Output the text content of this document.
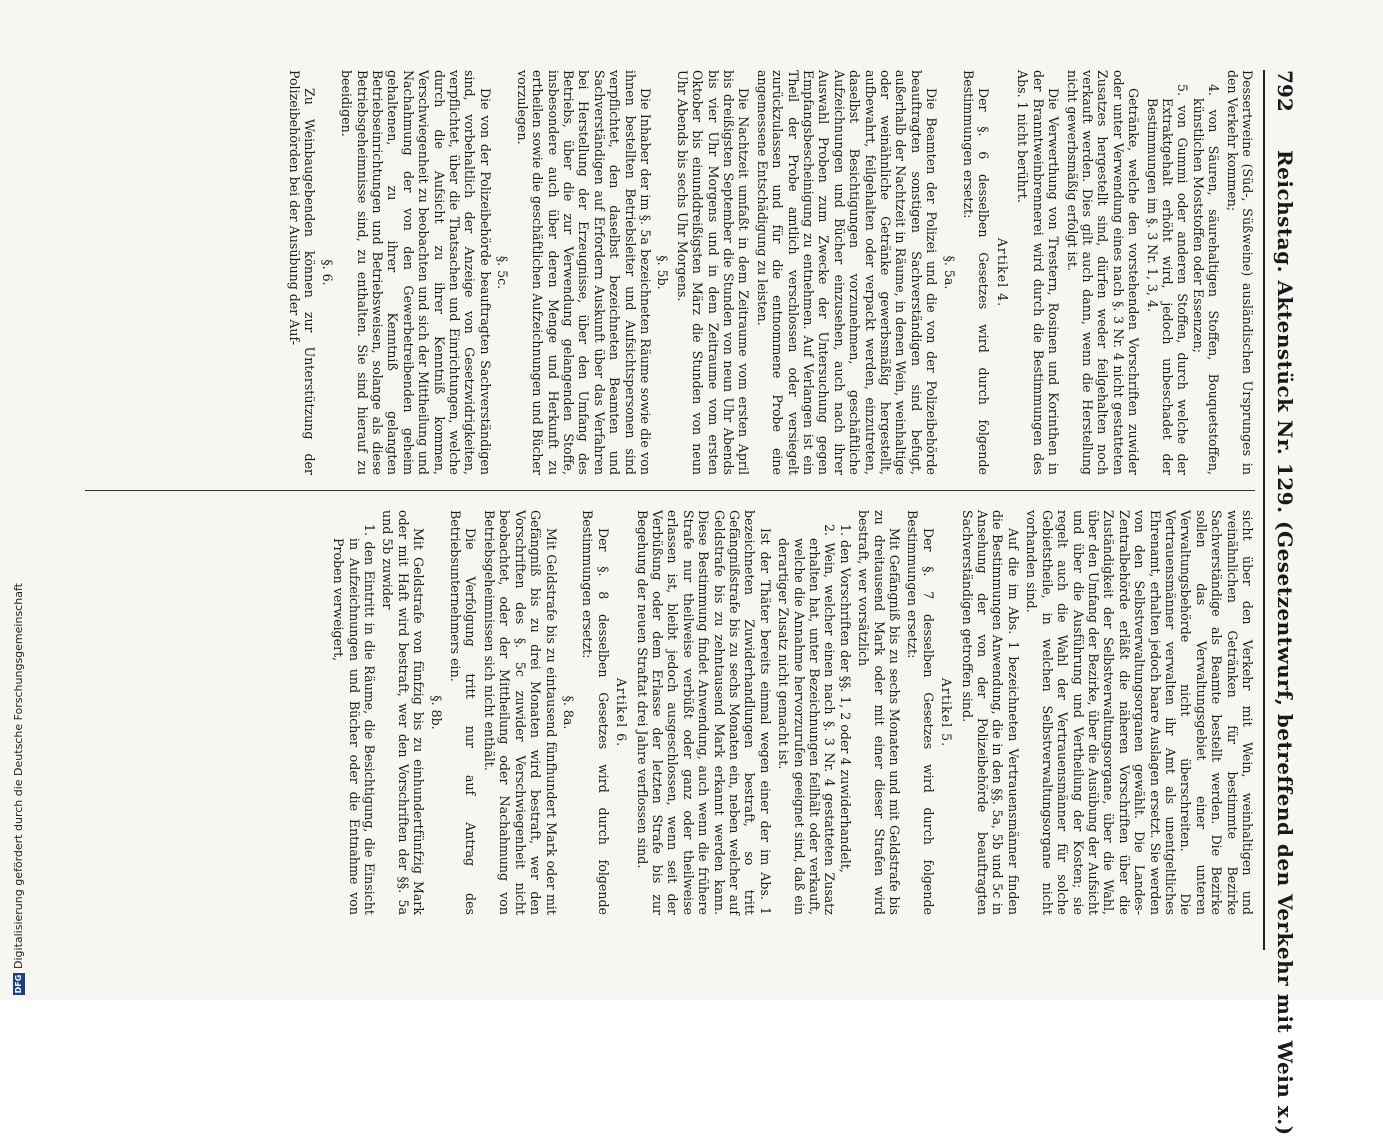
792
Reichstag. Aktenstück Nr. 129. (Gesetzentwurf, betreffend den Verkehr mit Wein x.)

Dessertweine (Süd-, Süßweine) ausländischen Ursprunges in den Verkehr kommen;

4. von Säuren, säurehaltigen Stoffen, Bouquetstoffen, künstlichen Moststoffen oder Essenzen;
5. von Gummi oder anderen Stoffen, durch welche der Extraktgehalt erhöht wird, jedoch unbeschadet der Bestimmungen im §. 3 Nr. 1, 3, 4.

Getränke, welche den vorstehenden Vorschriften zuwider oder unter Verwendung eines nach §. 3 Nr. 4 nicht gestatteten Zusatzes hergestellt sind, dürfen weder feilgehalten noch verkauft werden. Dies gilt auch dann, wenn die Herstellung nicht gewerbsmäßig erfolgt ist.

Die Verwerthung von Trestern, Rosinen und Korinthen in der Branntweinbrennerei wird durch die Bestimmungen des Abs. 1 nicht berührt.

Artikel 4.

Der §. 6 desselben Gesetzes wird durch folgende Bestimmungen ersetzt:

§. 5a.

Die Beamten der Polizei und die von der Polizeibehörde beauftragten sonstigen Sachverständigen sind befugt, außerhalb der Nachtzeit in Räume, in denen Wein, weinhaltige oder weinähnliche Getränke gewerbsmäßig hergestellt, aufbewahrt, feilgehalten oder verpackt werden, einzutreten, daselbst Besichtigungen vorzunehmen, geschäftliche Aufzeichnungen und Bücher einzusehen, auch nach ihrer Auswahl Proben zum Zwecke der Untersuchung gegen Empfangsbescheinigung zu entnehmen. Auf Verlangen ist ein Theil der Probe amtlich verschlossen oder versiegelt zurückzulassen und für die entnommene Probe eine angemessene Entschädigung zu leisten.

Die Nachtzeit umfaßt in dem Zeitraume vom ersten April bis dreißigsten September die Stunden von neun Uhr Abends bis vier Uhr Morgens und in dem Zeitraume vom ersten Oktober bis einunddreißigsten März die Stunden von neun Uhr Abends bis sechs Uhr Morgens.

§. 5b.

Die Inhaber der im §. 5a bezeichneten Räume sowie die von ihnen bestellten Betriebsleiter und Aufsichtspersonen sind verpflichtet, den daselbst bezeichneten Beamten und Sachverständigen auf Erfordern Auskunft über das Verfahren bei Herstellung der Erzeugnisse, über den Umfang des Betriebs, über die zur Verwendung gelangenden Stoffe, insbesondere auch über deren Menge und Herkunft zu ertheilen sowie die geschäftlichen Aufzeichnungen und Bücher vorzulegen.

§. 5c.

Die von der Polizeibehörde beauftragten Sachverständigen sind, vorbehaltlich der Anzeige von Gesetzwidrigkeiten, verpflichtet, über die Thatsachen und Einrichtungen, welche durch die Aufsicht zu ihrer Kenntniß kommen, Verschwiegenheit zu beobachten und sich der Mittheilung und Nachahmung der von den Gewerbetreibenden geheim gehaltenen, zu ihrer Kenntniß gelangten Betriebseinrichtungen und Betriebsweisen, solange als diese Betriebsgeheimnisse sind, zu enthalten. Sie sind hierauf zu beeidigen.

§. 6.

Zu Weinbaugebenden können zur Unterstützung der Polizeibehörden bei der Ausübung der Auf-

sicht über den Verkehr mit Wein, weinhaltigen und weinähnlichen Getränken für bestimmte Bezirke Sachverständige als Beamte bestellt werden. Die Bezirke sollen das Verwaltungsgebiet einer unteren Verwaltungsbehörde nicht überschreiten. Die Vertrauensmänner verwalten ihr Amt als unentgeltliches Ehrenamt, erhalten jedoch baare Auslagen ersetzt. Sie werden von den Selbstverwaltungsorganen gewählt. Die Landes-Zentralbehörde erläßt die näheren Vorschriften über die Zuständigkeit der Selbstverwaltungsorgane, über die Wahl, über den Umfang der Bezirke, über die Ausübung der Aufsicht und über die Ausführung und Vertheilung der Kosten; sie regelt auch die Wahl der Vertrauensmänner für solche Gebietstheile, in welchen Selbstverwaltungsorgane nicht vorhanden sind.

Auf die im Abs. 1 bezeichneten Vertrauensmänner finden die Bestimmungen Anwendung, die in den §§. 5a, 5b und 5c in Ansehung der von der Polizeibehörde beauftragten Sachverständigen getroffen sind.

Artikel 5.

Der §. 7 desselben Gesetzes wird durch folgende Bestimmungen ersetzt:

Mit Gefängniß bis zu sechs Monaten und mit Geldstrafe bis zu dreitausend Mark oder mit einer dieser Strafen wird bestraft, wer vorsätzlich

1. den Vorschriften der §§. 1, 2 oder 4 zuwiderhandelt,
2. Wein, welcher einen nach §. 3 Nr. 4 gestatteten Zusatz erhalten hat, unter Bezeichnungen feilhält oder verkauft, welche die Annahme hervorzurufen geeignet sind, daß ein derartiger Zusatz nicht gemacht ist.

Ist der Thäter bereits einmal wegen einer der im Abs. 1 bezeichneten Zuwiderhandlungen bestraft, so tritt Gefängnißstrafe bis zu sechs Monaten ein, neben welcher auf Geldstrafe bis zu zehntausend Mark erkannt werden kann. Diese Bestimmung findet Anwendung, auch wenn die frühere Strafe nur theilweise verbüßt oder ganz oder theilweise erlassen ist, bleibt jedoch ausgeschlossen, wenn seit der Verbüßung oder dem Erlasse der letzten Strafe bis zur Begehung der neuen Straftat drei Jahre verflossen sind.

Artikel 6.

Der §. 8 desselben Gesetzes wird durch folgende Bestimmungen ersetzt:

§. 8a.

Mit Geldstrafe bis zu eintausend fünfhundert Mark oder mit Gefängniß bis zu drei Monaten wird bestraft, wer den Vorschriften des §. 5c zuwider Verschwiegenheit nicht beobachtet, oder der Mittheilung oder Nachahmung von Betriebsgeheimnissen sich nicht enthält.

Die Verfolgung tritt nur auf Antrag des Betriebsunternehmers ein.

§. 8b.

Mit Geldstrafe von fünfzig bis zu einhundertfünfzig Mark oder mit Haft wird bestraft, wer den Vorschriften der §§. 5a und 5b zuwider

1. den Eintritt in die Räume, die Besichtigung, die Einsicht in Aufzeichnungen und Bücher oder die Entnahme von Proben verweigert,
DFGDigitalisierung gefördert durch die Deutsche Forschungsgemeinschaft
